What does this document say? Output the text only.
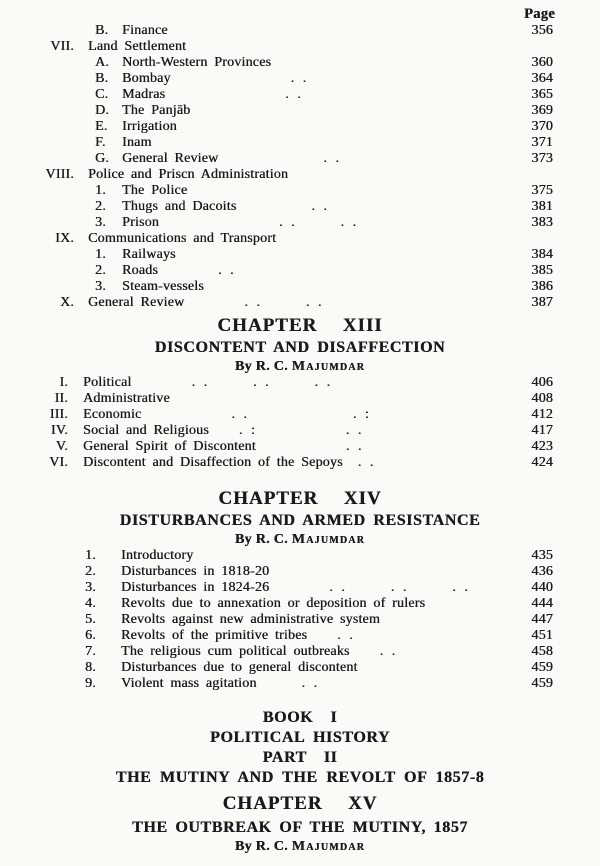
Page
B. Finance	356
VII. Land Settlement
A. North-Western Provinces	360
B. Bombay . .	364
C. Madras . .	365
D. The Panjāb	369
E.	Irrigation	370
F.	Inam	371
G. General Review . .	373
VIII. Police and Priscn Administration
1.	The Police	375
2.	Thugs and Dacoits . .	381
3.	Prison . .      . .	383
IX. Communications and Transport
1.	Railways	384
2.	Roads . .	385
3.	Steam-vessels	386
X. General Review . .      . .	387
CHAPTER  XIII
DISCONTENT AND DISAFFECTION
By R. C. Majumdar
I. Political . .      . .      . .	406
II. Administrative	408
III. Economic . .              . :	412
IV. Social and Religious . :            . .	417
V. General Spirit of Discontent . .	423
VI. Discontent and Disaffection of the Sepoys . .	424
CHAPTER  XIV
DISTURBANCES AND ARMED RESISTANCE
By R. C. Majumdar
1.	Introductory	435
2.	Disturbances in 1818-20	436
3.	Disturbances in 1824-26 . .      . .      . .	440
4.	Revolts due to annexation or deposition of rulers	444
5.	Revolts against new administrative system	447
6.	Revolts of the primitive tribes . .	451
7.	The religious cum political outbreaks . .	458
8.	Disturbances due to general discontent	459
9.	Violent mass agitation . .	459
BOOK  I
POLITICAL HISTORY
PART  II
THE MUTINY AND THE REVOLT OF 1857-8
CHAPTER  XV
THE OUTBREAK OF THE MUTINY, 1857
By R. C. Majumdar
